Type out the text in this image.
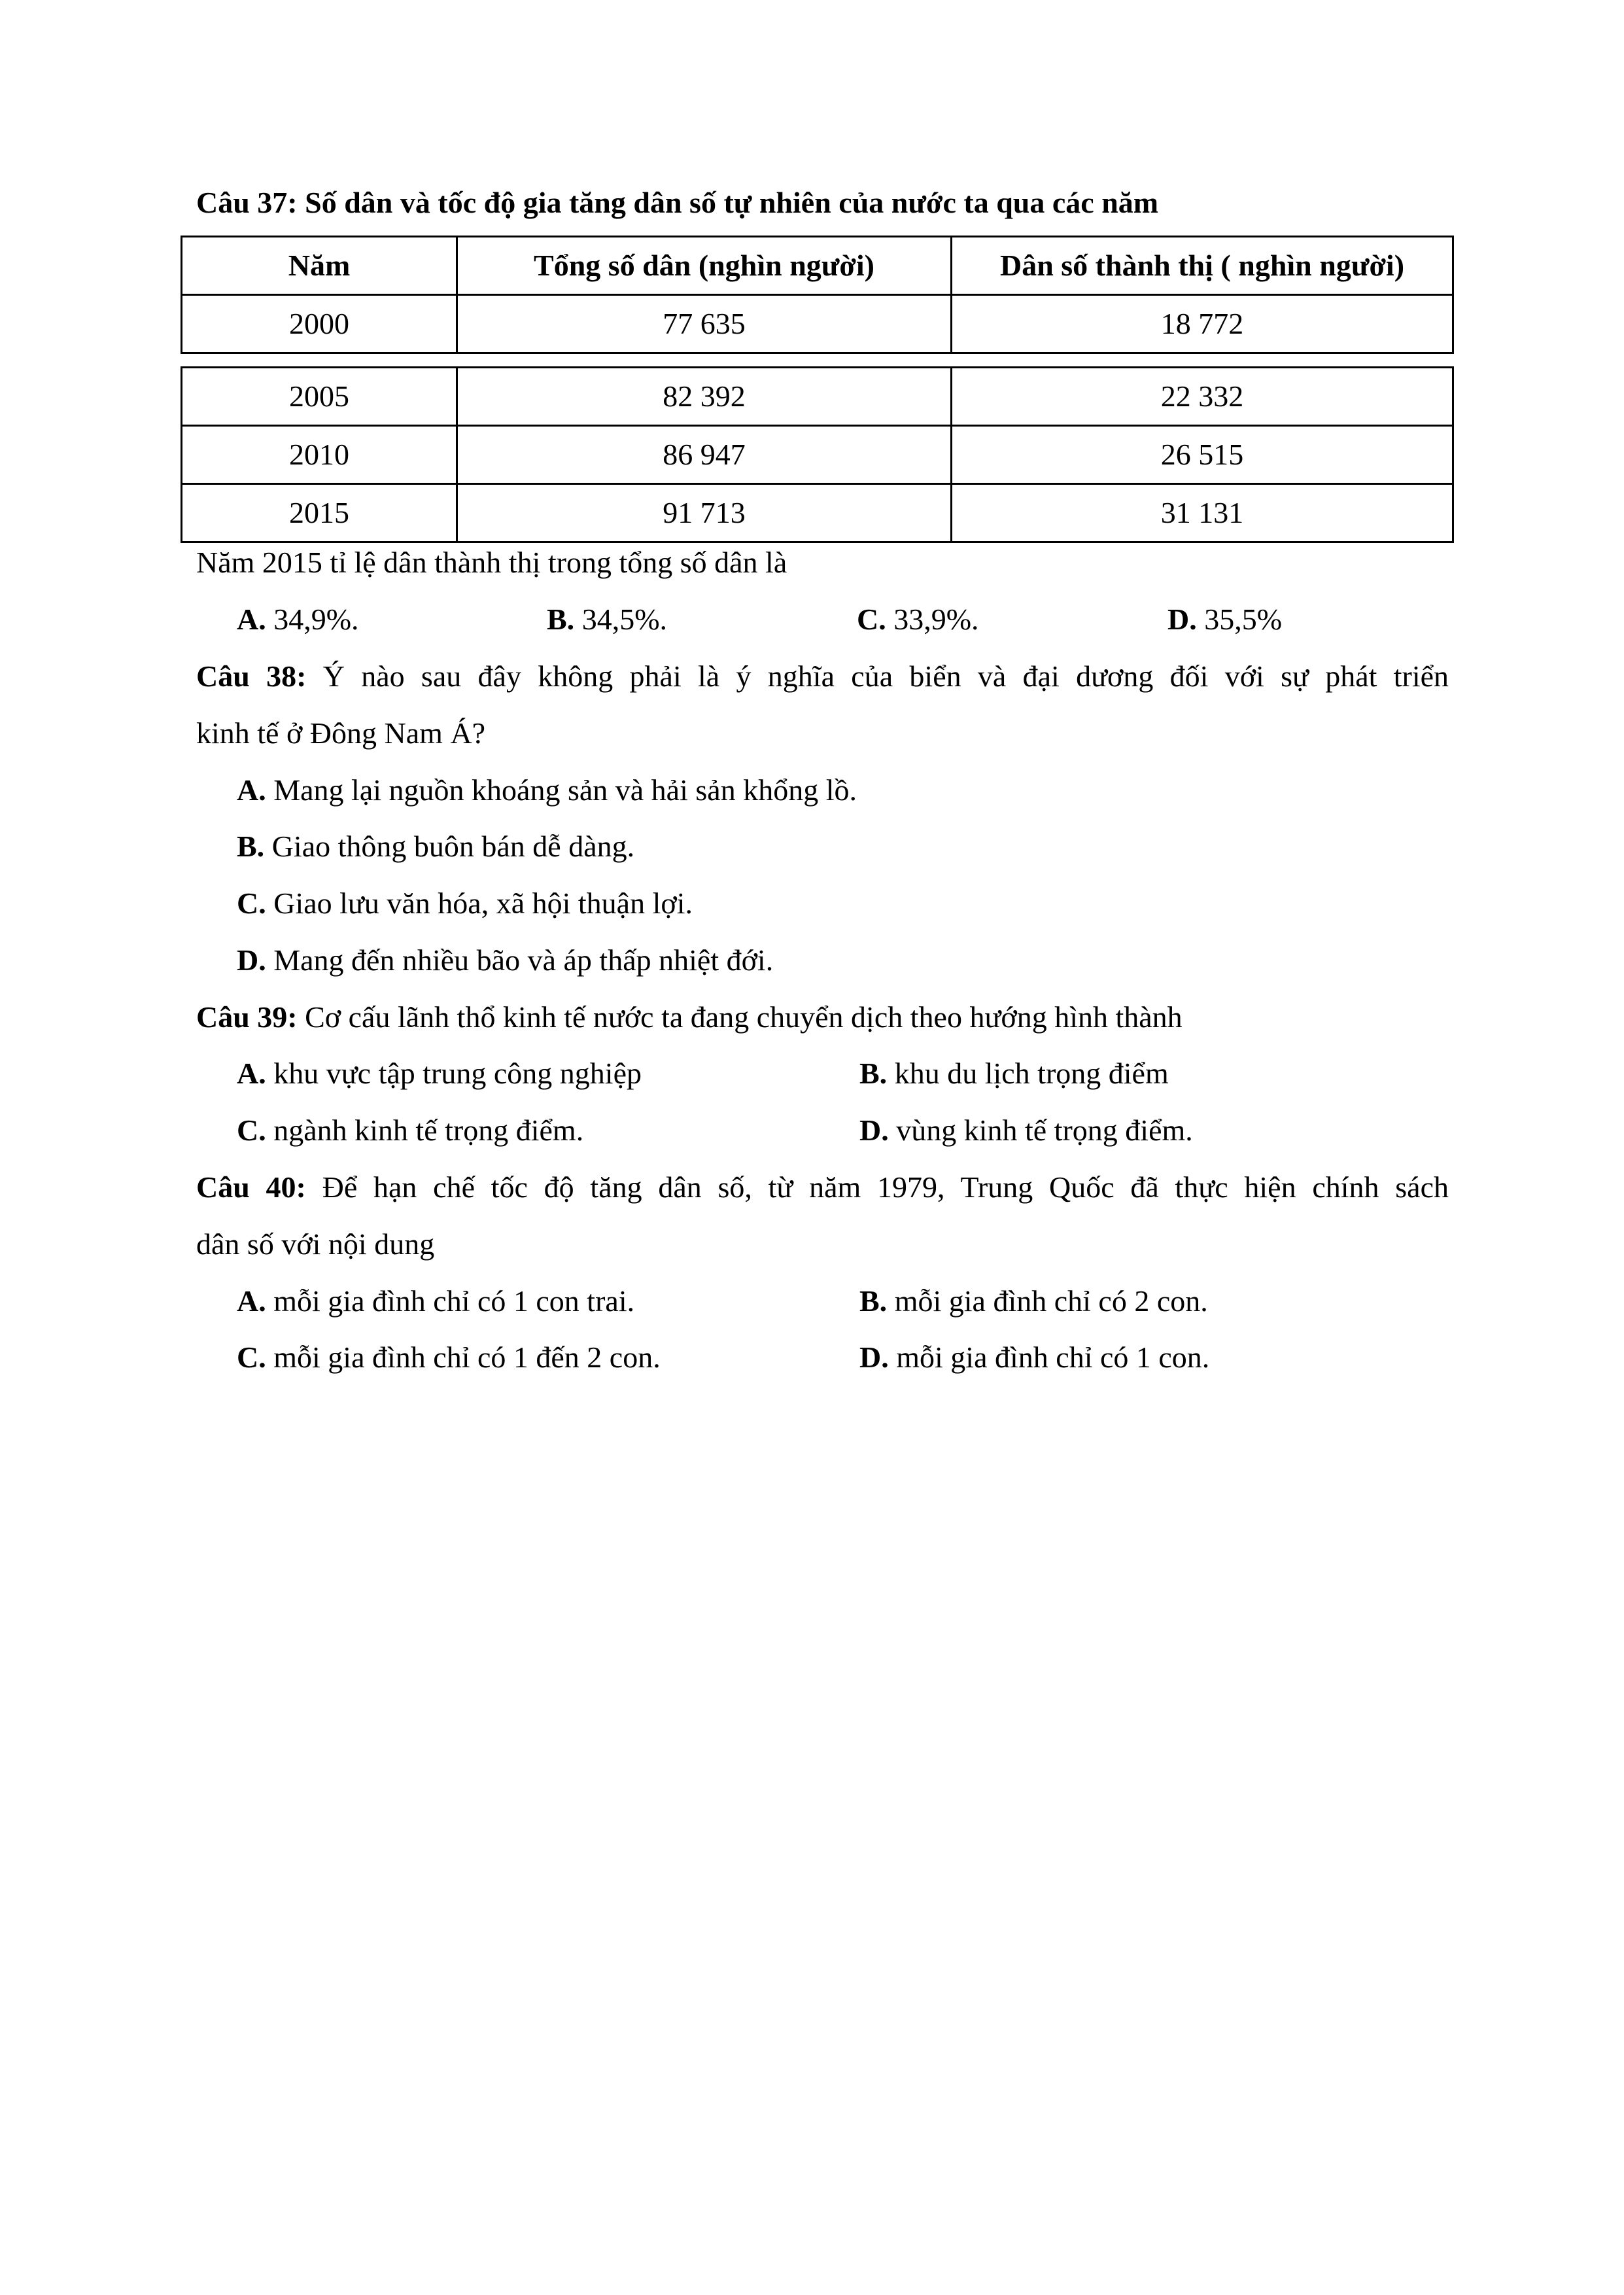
Câu 37: Số dân và tốc độ gia tăng dân số tự nhiên của nước ta qua các năm
Năm	Tổng số dân (nghìn người)	Dân số thành thị ( nghìn người)
2000	77 635	18 772
2005	82 392	22 332
2010	86 947	26 515
2015	91 713	31 131
Năm 2015 tỉ lệ dân thành thị trong tổng số dân là
A. 34,9%.	B. 34,5%.	C. 33,9%.	D. 35,5%
Câu 38: Ý nào sau đây không phải là ý nghĩa của biển và đại dương đối với sự phát triển
kinh tế ở Đông Nam Á?
A. Mang lại nguồn khoáng sản và hải sản khổng lồ.
B. Giao thông buôn bán dễ dàng.
C. Giao lưu văn hóa, xã hội thuận lợi.
D. Mang đến nhiều bão và áp thấp nhiệt đới.
Câu 39: Cơ cấu lãnh thổ kinh tế nước ta đang chuyển dịch theo hướng hình thành
A. khu vực tập trung công nghiệp	B. khu du lịch trọng điểm
C. ngành kinh tế trọng điểm.	D. vùng kinh tế trọng điểm.
Câu 40: Để hạn chế tốc độ tăng dân số, từ năm 1979, Trung Quốc đã thực hiện chính sách
dân số với nội dung
A. mỗi gia đình chỉ có 1 con trai.	B. mỗi gia đình chỉ có 2 con.
C. mỗi gia đình chỉ có 1 đến 2 con.	D. mỗi gia đình chỉ có 1 con.
